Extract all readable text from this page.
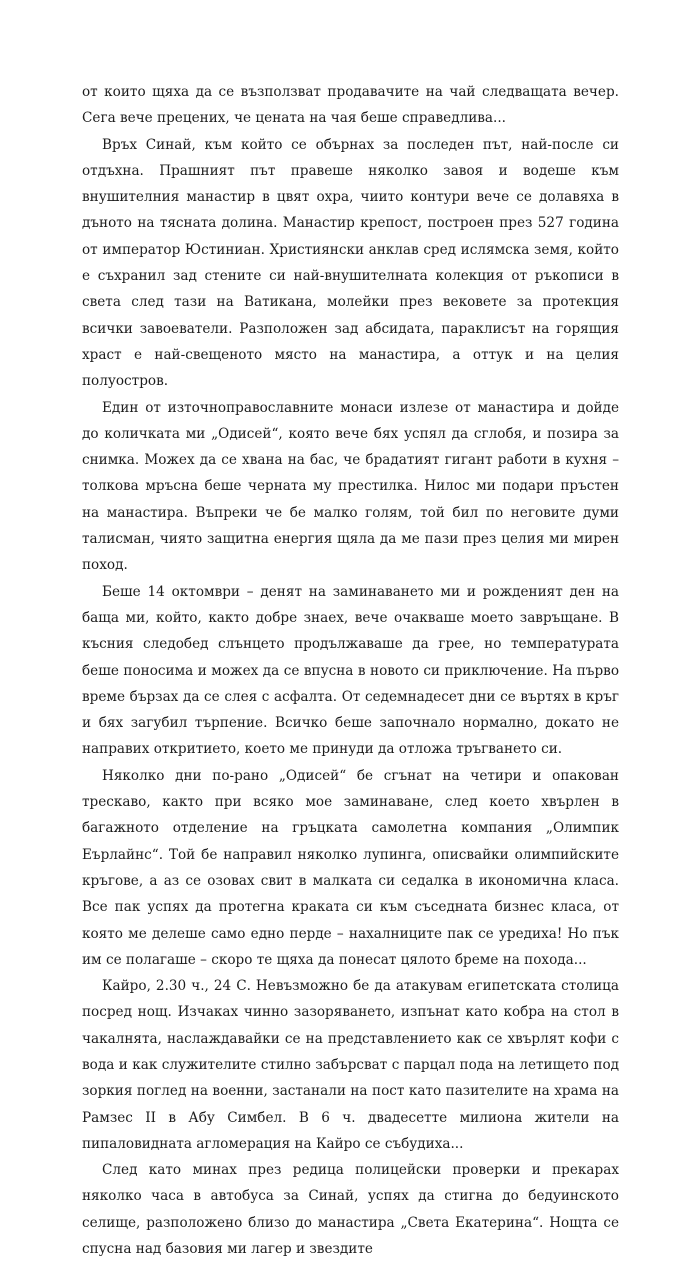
от които щяха да се възползват продавачите на чай следващата вечер. Сега вече прецених, че цената на чая беше справедлива...

Връх Синай, към който се обърнах за последен път, най-после си отдъхна. Прашният път правеше няколко завоя и водеше към внушителния манастир в цвят охра, чиито контури вече се долавяха в дъното на тясната долина. Манастир крепост, построен през 527 година от император Юстиниан. Християнски анклав сред ислямска земя, който е съхранил зад стените си най-внушителната колекция от ръкописи в света след тази на Ватикана, молейки през вековете за протекция всички завоеватели. Разположен зад абсидата, параклисът на горящия храст е най-свещеното място на манастира, а оттук и на целия полуостров.

Един от източноправославните монаси излезе от манастира и дойде до количката ми „Одисей“, която вече бях успял да сглобя, и позира за снимка. Можех да се хвана на бас, че брадатият гигант работи в кухня – толкова мръсна беше черната му престилка. Нилос ми подари пръстен на манастира. Въпреки че бе малко голям, той бил по неговите думи талисман, чиято защитна енергия щяла да ме пази през целия ми мирен поход.

Беше 14 октомври – денят на заминаването ми и рожденият ден на баща ми, който, както добре знаех, вече очакваше моето завръщане. В късния следобед слънцето продължаваше да грее, но температурата беше поносима и можех да се впусна в новото си приключение. На първо време бързах да се слея с асфалта. От седемнадесет дни се въртях в кръг и бях загубил търпение. Всичко беше започнало нормално, докато не направих откритието, което ме принуди да отложа тръгването си.

Няколко дни по-рано „Одисей“ бе сгънат на четири и опакован трескаво, както при всяко мое заминаване, след което хвърлен в багажното отделение на гръцката самолетна компания „Олимпик Еърлайнс“. Той бе направил няколко лупинга, описвайки олимпийските кръгове, а аз се озовах свит в малката си седалка в икономична класа. Все пак успях да протегна краката си към съседната бизнес класа, от която ме делеше само едно перде – нахалниците пак се уредиха! Но пък им се полагаше – скоро те щяха да понесат цялото бреме на похода...

Кайро, 2.30 ч., 24 С. Невъзможно бе да атакувам египетската столица посред нощ. Изчаках чинно зазоряването, изпънат като кобра на стол в чакалнята, наслаждавайки се на представлението как се хвърлят кофи с вода и как служителите стилно забърсват с парцал пода на летището под зоркия поглед на военни, застанали на пост като пазителите на храма на Рамзес II в Абу Симбел. В 6 ч. двадесетте милиона жители на пипаловидната агломерация на Кайро се събудиха...

След като минах през редица полицейски проверки и прекарах няколко часа в автобуса за Синай, успях да стигна до бедуинското селище, разположено близо до манастира „Света Екатерина“. Нощта се спусна над базовия ми лагер и звездите
